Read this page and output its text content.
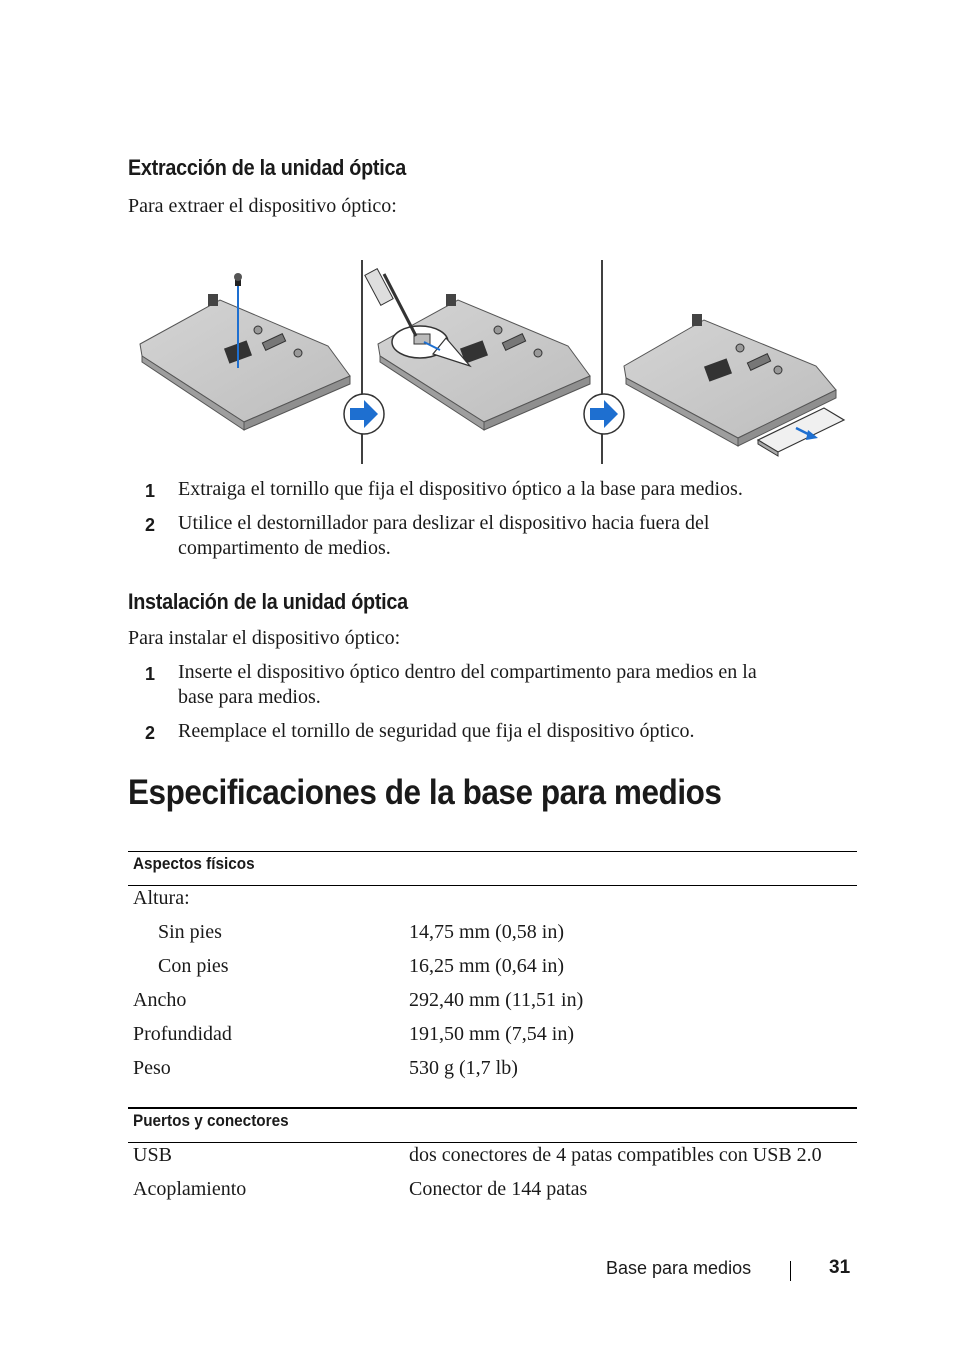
Extracción de la unidad óptica
Para extraer el dispositivo óptico:
1 Extraiga el tornillo que fija el dispositivo óptico a la base para medios.
2 Utilice el destornillador para deslizar el dispositivo hacia fuera del
compartimento de medios.
Instalación de la unidad óptica
Para instalar el dispositivo óptico:
1 Inserte el dispositivo óptico dentro del compartimento para medios en la
base para medios.
2 Reemplace el tornillo de seguridad que fija el dispositivo óptico.
Especificaciones de la base para medios
Aspectos físicos
Altura:
Sin pies	14,75 mm (0,58 in)
Con pies	16,25 mm (0,64 in)
Ancho	292,40 mm (11,51 in)
Profundidad	191,50 mm (7,54 in)
Peso	530 g (1,7 lb)
Puertos y conectores
USB	dos conectores de 4 patas compatibles con USB 2.0
Acoplamiento	Conector de 144 patas
Base para medios	31
